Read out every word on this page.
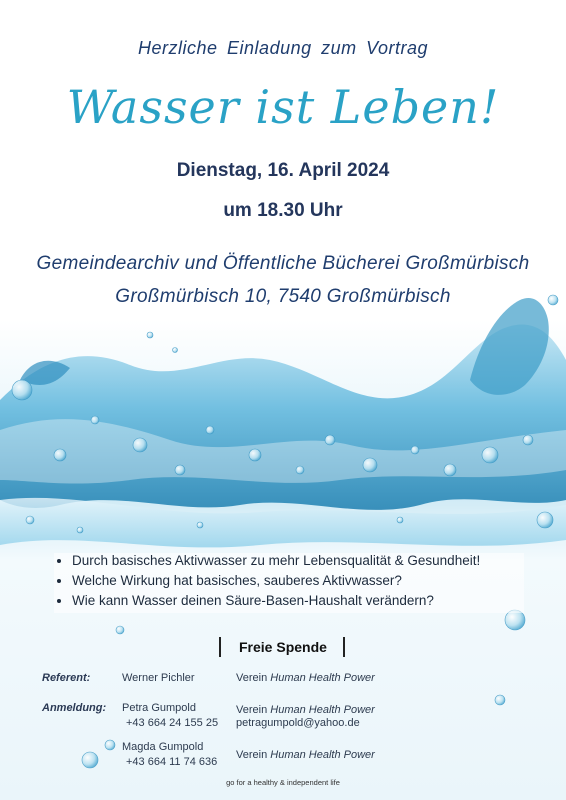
Herzliche Einladung zum Vortrag
Wasser ist Leben!
Dienstag, 16. April 2024
um 18.30 Uhr
Gemeindearchiv und Öffentliche Bücherei Großmürbisch
Großmürbisch 10, 7540 Großmürbisch
• Durch basisches Aktivwasser zu mehr Lebensqualität & Gesundheit!
• Welche Wirkung hat basisches, sauberes Aktivwasser?
• Wie kann Wasser deinen Säure-Basen-Haushalt verändern?
Freie Spende
Referent:	Werner Pichler	Verein Human Health Power
Anmeldung: Petra Gumpold
+43 664 24 155 25
Verein Human Health Power
petragumpold@yahoo.de
Magda Gumpold
+43 664 11 74 636
Verein Human Health Power
go for a healthy & independent life
